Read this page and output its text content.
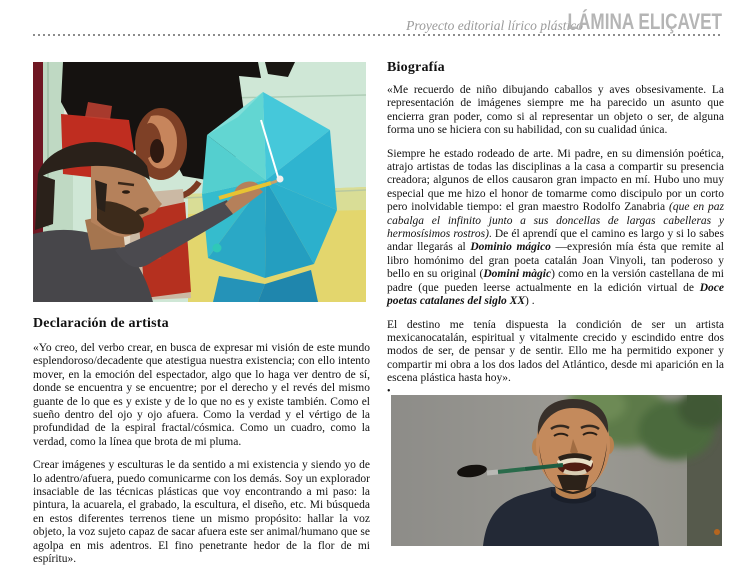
Proyecto editorial lírico plástico
LÁMINA ELIÇAVET
Declaración de artista

«Yo creo, del verbo crear, en busca de expresar mi visión de este mundo esplendoroso/decadente que atestigua nuestra existencia; con ello intento mover, en la emoción del espectador, algo que lo haga ver dentro de sí, donde se encuentra y se encuentre; por el derecho y el revés del mismo guante de lo que es y existe y de lo que no es y existe también. Como el sueño dentro del ojo y ojo afuera. Como la verdad y el vértigo de la profundidad de la espiral fractal/cósmica. Como un cuadro, como la verdad, como la línea que brota de mi pluma.

Crear imágenes y esculturas le da sentido a mi existencia y siendo yo de lo adentro/afuera, puedo comunicarme con los demás. Soy un explorador insaciable de las técnicas plásticas que voy encontrando a mi paso: la pintura, la acuarela, el grabado, la escultura, el diseño, etc. Mi búsqueda en estos diferentes terrenos tiene un mismo propósito: hallar la voz objeto, la voz sujeto capaz de sacar afuera este ser animal/humano que se agolpa en mis adentros. El fino penetrante hedor de la flor de mi espíritu».

Biografía

«Me recuerdo de niño dibujando caballos y aves obsesivamente. La representación de imágenes siempre me ha parecido un asunto que encierra gran poder, como si al representar un objeto o ser, de alguna forma uno se hiciera con su habilidad, con su cualidad única.

Siempre he estado rodeado de arte. Mi padre, en su dimensión poética, atrajo artistas de todas las disciplinas a la casa a compartir su presencia creadora; algunos de ellos causaron gran impacto en mí. Hubo uno muy especial que me hizo el honor de tomarme como discipulo por un corto pero inolvidable tiempo: el gran maestro Rodolfo Zanabria (que en paz cabalga el infinito junto a sus doncellas de largas cabelleras y hermosísimos rostros). De él aprendí que el camino es largo y si lo sabes andar llegarás al Dominio mágico —expresión mía ésta que remite al libro homónimo del gran poeta catalán Joan Vinyoli, tan poderoso y bello en su original (Domini màgic) como en la versión castellana de mi padre (que pueden leerse actualmente en la edición virtual de Doce poetas catalanes del siglo XX) .

El destino me tenía dispuesta la condición de ser un artista mexicanocatalán, espiritual y vitalmente crecido y escindido entre dos modos de ser, de pensar y de sentir. Ello me ha permitido exponer y compartir mi obra a los dos lados del Atlántico, desde mi aparición en la escena plástica hasta hoy».

•
